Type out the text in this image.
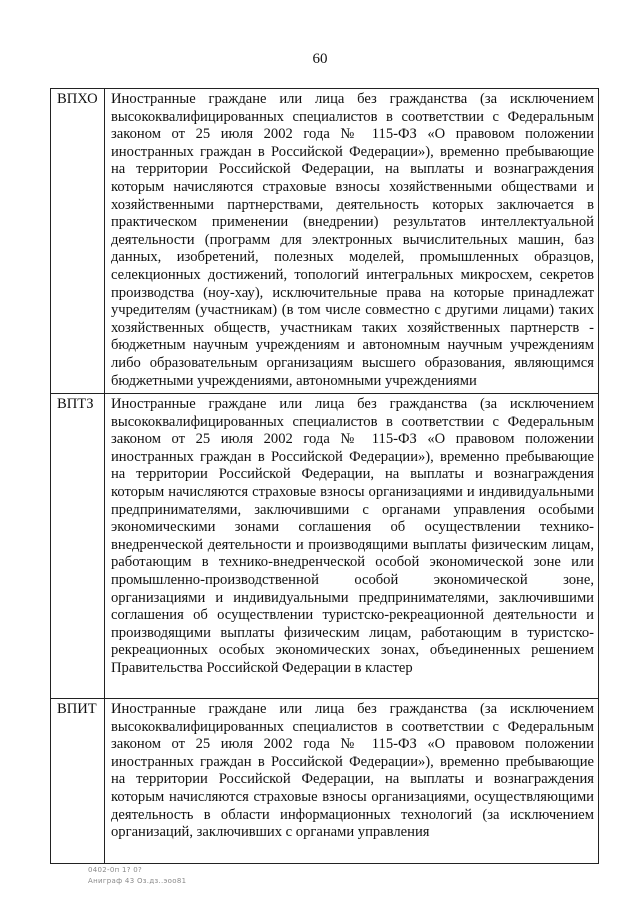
60
ВПХО	Иностранные граждане или лица без гражданства (за исключением высококвалифицированных специалистов в соответствии с Федеральным законом от 25 июля 2002 года № 115-ФЗ «О правовом положении иностранных граждан в Российской Федерации»), временно пребывающие на территории Российской Федерации, на выплаты и вознаграждения которым начисляются страховые взносы хозяйственными обществами и хозяйственными партнерствами, деятельность которых заключается в практическом применении (внедрении) результатов интеллектуальной деятельности (программ для электронных вычислительных машин, баз данных, изобретений, полезных моделей, промышленных образцов, селекционных достижений, топологий интегральных микросхем, секретов производства (ноу-хау), исключительные права на которые принадлежат учредителям (участникам) (в том числе совместно с другими лицами) таких хозяйственных обществ, участникам таких хозяйственных партнерств - бюджетным научным учреждениям и автономным научным учреждениям либо образовательным организациям высшего образования, являющимся бюджетными учреждениями, автономными учреждениями
ВПТЗ	Иностранные граждане или лица без гражданства (за исключением высококвалифицированных специалистов в соответствии с Федеральным законом от 25 июля 2002 года № 115-ФЗ «О правовом положении иностранных граждан в Российской Федерации»), временно пребывающие на территории Российской Федерации, на выплаты и вознаграждения которым начисляются страховые взносы организациями и индивидуальными предпринимателями, заключившими с органами управления особыми экономическими зонами соглашения об осуществлении технико-внедренческой деятельности и производящими выплаты физическим лицам, работающим в технико-внедренческой особой экономической зоне или промышленно-производственной особой экономической зоне, организациями и индивидуальными предпринимателями, заключившими соглашения об осуществлении туристско-рекреационной деятельности и производящими выплаты физическим лицам, работающим в туристско-рекреационных особых экономических зонах, объединенных решением Правительства Российской Федерации в кластер
ВПИТ	Иностранные граждане или лица без гражданства (за исключением высококвалифицированных специалистов в соответствии с Федеральным законом от 25 июля 2002 года № 115-ФЗ «О правовом положении иностранных граждан в Российской Федерации»), временно пребывающие на территории Российской Федерации, на выплаты и вознаграждения которым начисляются страховые взносы организациями, осуществляющими деятельность в области информационных технологий (за исключением организаций, заключивших с органами управления
0402-0п 1? 0?
Аниграф 43 Оз.дз..эоо81
